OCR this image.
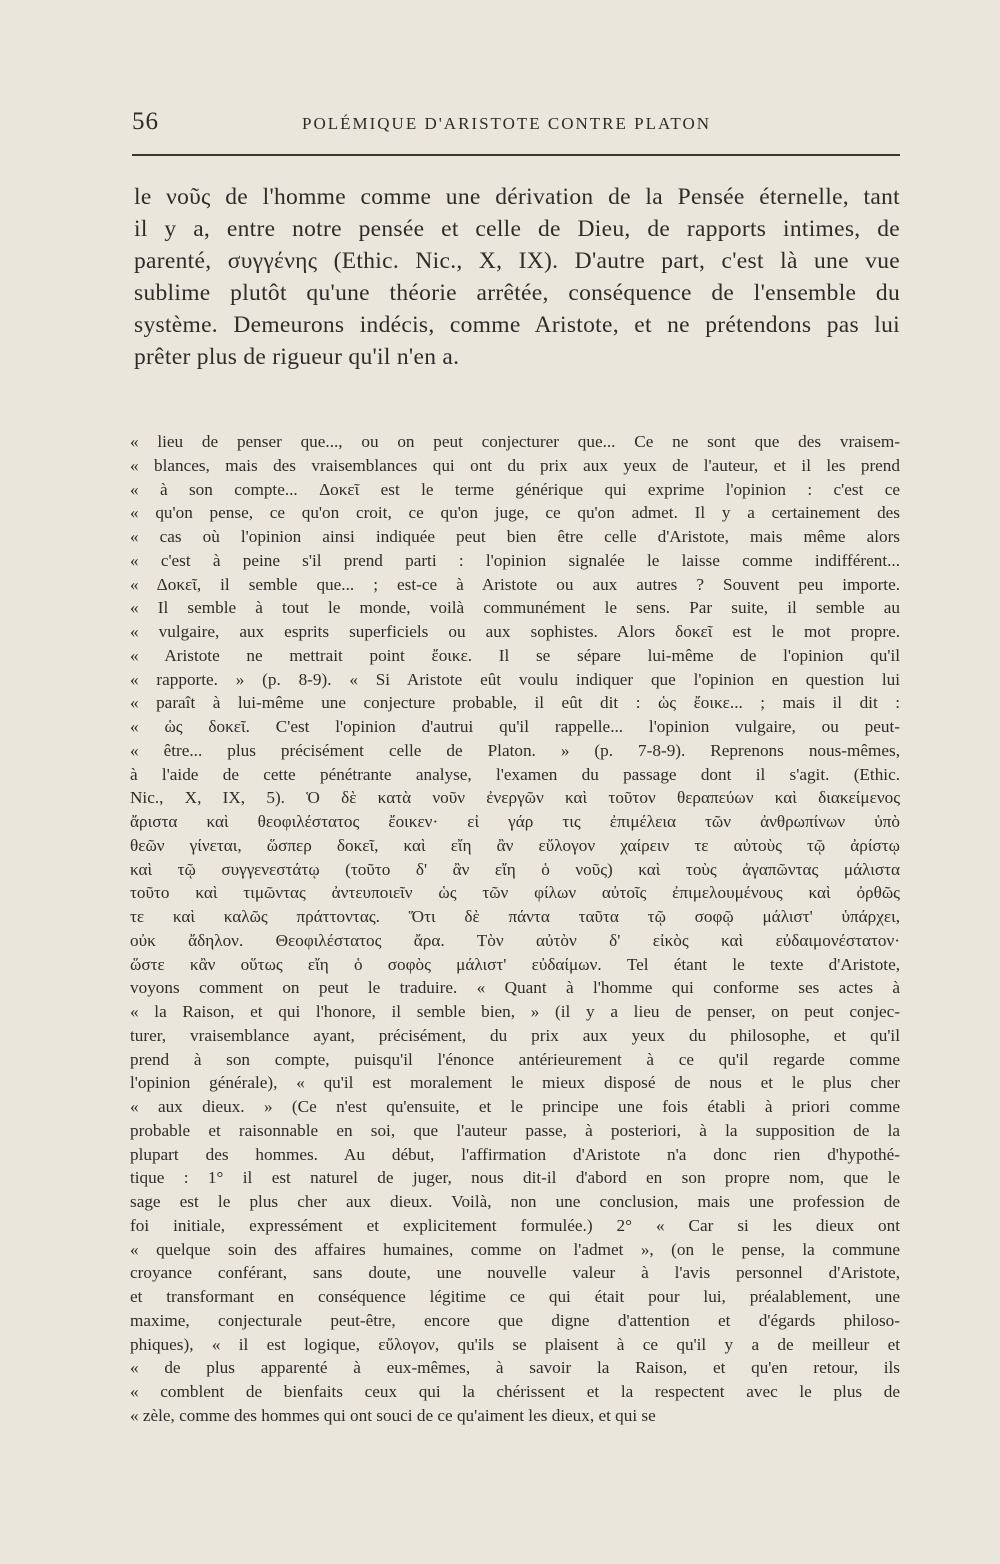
56	POLÉMIQUE D'ARISTOTE CONTRE PLATON
le νοῦς de l'homme comme une dérivation de la Pensée éternelle, tant
il y a, entre notre pensée et celle de Dieu, de rapports intimes, de
parenté, συγγένης (Ethic. Nic., X, IX). D'autre part, c'est là une vue
sublime plutôt qu'une théorie arrêtée, conséquence de l'ensemble du
système. Demeurons indécis, comme Aristote, et ne prétendons pas lui
prêter plus de rigueur qu'il n'en a.
« lieu de penser que..., ou on peut conjecturer que... Ce ne sont que des vraisem-
« blances, mais des vraisemblances qui ont du prix aux yeux de l'auteur, et il les prend
« à son compte... Δοκεῖ est le terme générique qui exprime l'opinion : c'est ce
« qu'on pense, ce qu'on croit, ce qu'on juge, ce qu'on admet. Il y a certainement des
« cas où l'opinion ainsi indiquée peut bien être celle d'Aristote, mais même alors
« c'est à peine s'il prend parti : l'opinion signalée le laisse comme indifférent...
« Δοκεῖ, il semble que... ; est-ce à Aristote ou aux autres ? Souvent peu importe.
« Il semble à tout le monde, voilà communément le sens. Par suite, il semble au
« vulgaire, aux esprits superficiels ou aux sophistes. Alors δοκεῖ est le mot propre.
« Aristote ne mettrait point ἔοικε. Il se sépare lui-même de l'opinion qu'il
« rapporte. » (p. 8-9). « Si Aristote eût voulu indiquer que l'opinion en question lui
« paraît à lui-même une conjecture probable, il eût dit : ὡς ἔοικε... ; mais il dit :
« ὡς δοκεῖ. C'est l'opinion d'autrui qu'il rappelle... l'opinion vulgaire, ou peut-
« être... plus précisément celle de Platon. » (p. 7-8-9). Reprenons nous-mêmes,
à l'aide de cette pénétrante analyse, l'examen du passage dont il s'agit. (Ethic.
Nic., X, IX, 5). Ὁ δὲ κατὰ νοῦν ἐνεργῶν καὶ τοῦτον θεραπεύων καὶ διακείμενος
ἄριστα καὶ θεοφιλέστατος ἔοικεν· εἰ γάρ τις ἐπιμέλεια τῶν ἀνθρωπίνων ὑπὸ
θεῶν γίνεται, ὥσπερ δοκεῖ, καὶ εἴη ἂν εὔλογον χαίρειν τε αὐτοὺς τῷ ἀρίστῳ
καὶ τῷ συγγενεστάτῳ (τοῦτο δ' ἂν εἴη ὁ νοῦς) καὶ τοὺς ἀγαπῶντας μάλιστα
τοῦτο καὶ τιμῶντας ἀντευποιεῖν ὡς τῶν φίλων αὐτοῖς ἐπιμελουμένους καὶ ὀρθῶς
τε καὶ καλῶς πράττοντας. Ὅτι δὲ πάντα ταῦτα τῷ σοφῷ μάλιστ' ὑπάρχει,
οὐκ ἄδηλον. Θεοφιλέστατος ἄρα. Τὸν αὐτὸν δ' εἰκὸς καὶ εὐδαιμονέστατον·
ὥστε κἂν οὕτως εἴη ὁ σοφὸς μάλιστ' εὐδαίμων. Tel étant le texte d'Aristote,
voyons comment on peut le traduire. « Quant à l'homme qui conforme ses actes à
« la Raison, et qui l'honore, il semble bien, » (il y a lieu de penser, on peut conjec-
turer, vraisemblance ayant, précisément, du prix aux yeux du philosophe, et qu'il
prend à son compte, puisqu'il l'énonce antérieurement à ce qu'il regarde comme
l'opinion générale), « qu'il est moralement le mieux disposé de nous et le plus cher
« aux dieux. » (Ce n'est qu'ensuite, et le principe une fois établi à priori comme
probable et raisonnable en soi, que l'auteur passe, à posteriori, à la supposition de la
plupart des hommes. Au début, l'affirmation d'Aristote n'a donc rien d'hypothé-
tique : 1° il est naturel de juger, nous dit-il d'abord en son propre nom, que le
sage est le plus cher aux dieux. Voilà, non une conclusion, mais une profession de
foi initiale, expressément et explicitement formulée.) 2° « Car si les dieux ont
« quelque soin des affaires humaines, comme on l'admet », (on le pense, la commune
croyance conférant, sans doute, une nouvelle valeur à l'avis personnel d'Aristote,
et transformant en conséquence légitime ce qui était pour lui, préalablement, une
maxime, conjecturale peut-être, encore que digne d'attention et d'égards philoso-
phiques), « il est logique, εὔλογον, qu'ils se plaisent à ce qu'il y a de meilleur et
« de plus apparenté à eux-mêmes, à savoir la Raison, et qu'en retour, ils
« comblent de bienfaits ceux qui la chérissent et la respectent avec le plus de
« zèle, comme des hommes qui ont souci de ce qu'aiment les dieux, et qui se
